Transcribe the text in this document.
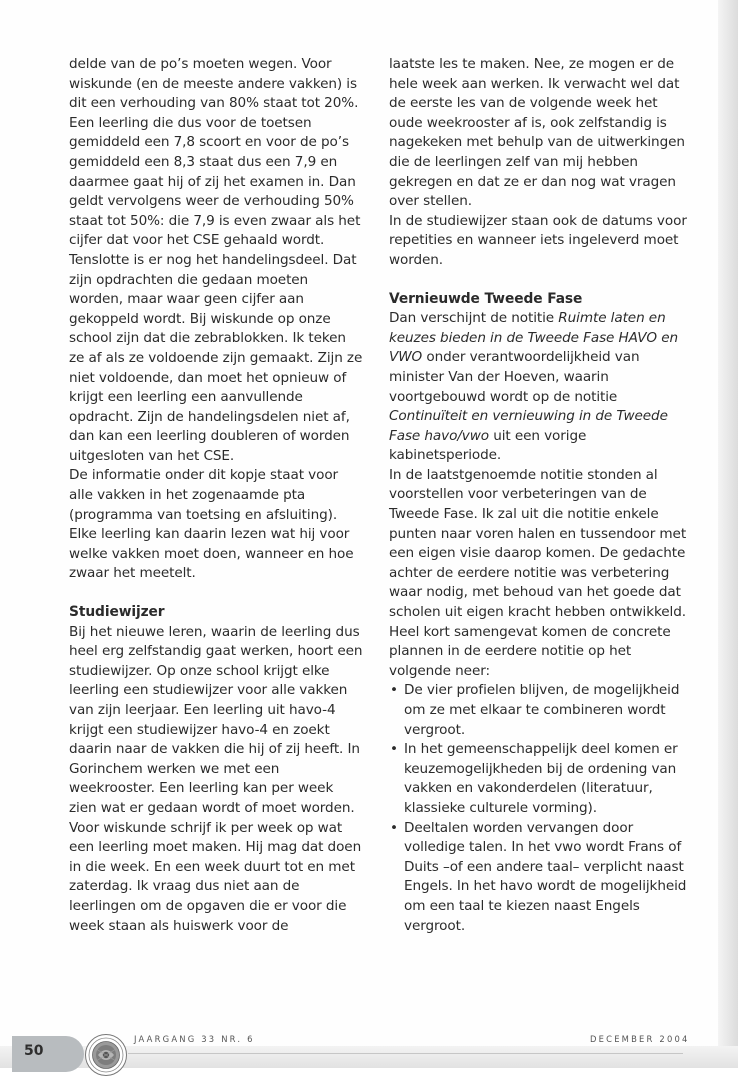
delde van de po’s moeten wegen. Voor wiskunde (en de meeste andere vakken) is dit een verhouding van 80% staat tot 20%. Een leerling die dus voor de toetsen gemiddeld een 7,8 scoort en voor de po’s gemiddeld een 8,3 staat dus een 7,9 en daarmee gaat hij of zij het examen in. Dan geldt vervolgens weer de verhouding 50% staat tot 50%: die 7,9 is even zwaar als het cijfer dat voor het CSE gehaald wordt. Tenslotte is er nog het handelingsdeel. Dat zijn opdrachten die gedaan moeten worden, maar waar geen cijfer aan gekoppeld wordt. Bij wiskunde op onze school zijn dat die zebrablokken. Ik teken ze af als ze voldoende zijn gemaakt. Zijn ze niet voldoende, dan moet het opnieuw of krijgt een leerling een aanvullende opdracht. Zijn de handelingsdelen niet af, dan kan een leerling doubleren of worden uitgesloten van het CSE.

De informatie onder dit kopje staat voor alle vakken in het zogenaamde pta (programma van toetsing en afsluiting). Elke leerling kan daarin lezen wat hij voor welke vakken moet doen, wanneer en hoe zwaar het meetelt.

Studiewijzer

Bij het nieuwe leren, waarin de leerling dus heel erg zelfstandig gaat werken, hoort een studiewijzer. Op onze school krijgt elke leerling een studiewijzer voor alle vakken van zijn leerjaar. Een leerling uit havo-4 krijgt een studiewijzer havo-4 en zoekt daarin naar de vakken die hij of zij heeft. In Gorinchem werken we met een weekrooster. Een leerling kan per week zien wat er gedaan wordt of moet worden. Voor wiskunde schrijf ik per week op wat een leerling moet maken. Hij mag dat doen in die week. En een week duurt tot en met zaterdag. Ik vraag dus niet aan de leerlingen om de opgaven die er voor die week staan als huiswerk voor de

laatste les te maken. Nee, ze mogen er de hele week aan werken. Ik verwacht wel dat de eerste les van de volgende week het oude weekrooster af is, ook zelfstandig is nagekeken met behulp van de uitwerkingen die de leerlingen zelf van mij hebben gekregen en dat ze er dan nog wat vragen over stellen.

In de studiewijzer staan ook de datums voor repetities en wanneer iets ingeleverd moet worden.

Vernieuwde Tweede Fase

Dan verschijnt de notitie Ruimte laten en keuzes bieden in de Tweede Fase HAVO en VWO onder verantwoordelijkheid van minister Van der Hoeven, waarin voortgebouwd wordt op de notitie Continuïteit en vernieuwing in de Tweede Fase havo/vwo uit een vorige kabinetsperiode.

In de laatstgenoemde notitie stonden al voorstellen voor verbeteringen van de Tweede Fase. Ik zal uit die notitie enkele punten naar voren halen en tussendoor met een eigen visie daarop komen. De gedachte achter de eerdere notitie was verbetering waar nodig, met behoud van het goede dat scholen uit eigen kracht hebben ontwikkeld.

Heel kort samengevat komen de concrete plannen in de eerdere notitie op het volgende neer:

• De vier profielen blijven, de mogelijkheid om ze met elkaar te combineren wordt vergroot.
• In het gemeenschappelijk deel komen er keuzemogelijkheden bij de ordening van vakken en vakonderdelen (literatuur, klassieke culturele vorming).
• Deeltalen worden vervangen door volledige talen. In het vwo wordt Frans of Duits –of een andere taal– verplicht naast Engels. In het havo wordt de mogelijkheid om een taal te kiezen naast Engels vergroot.
50
JAARGANG 33 NR. 6	DECEMBER 2004
